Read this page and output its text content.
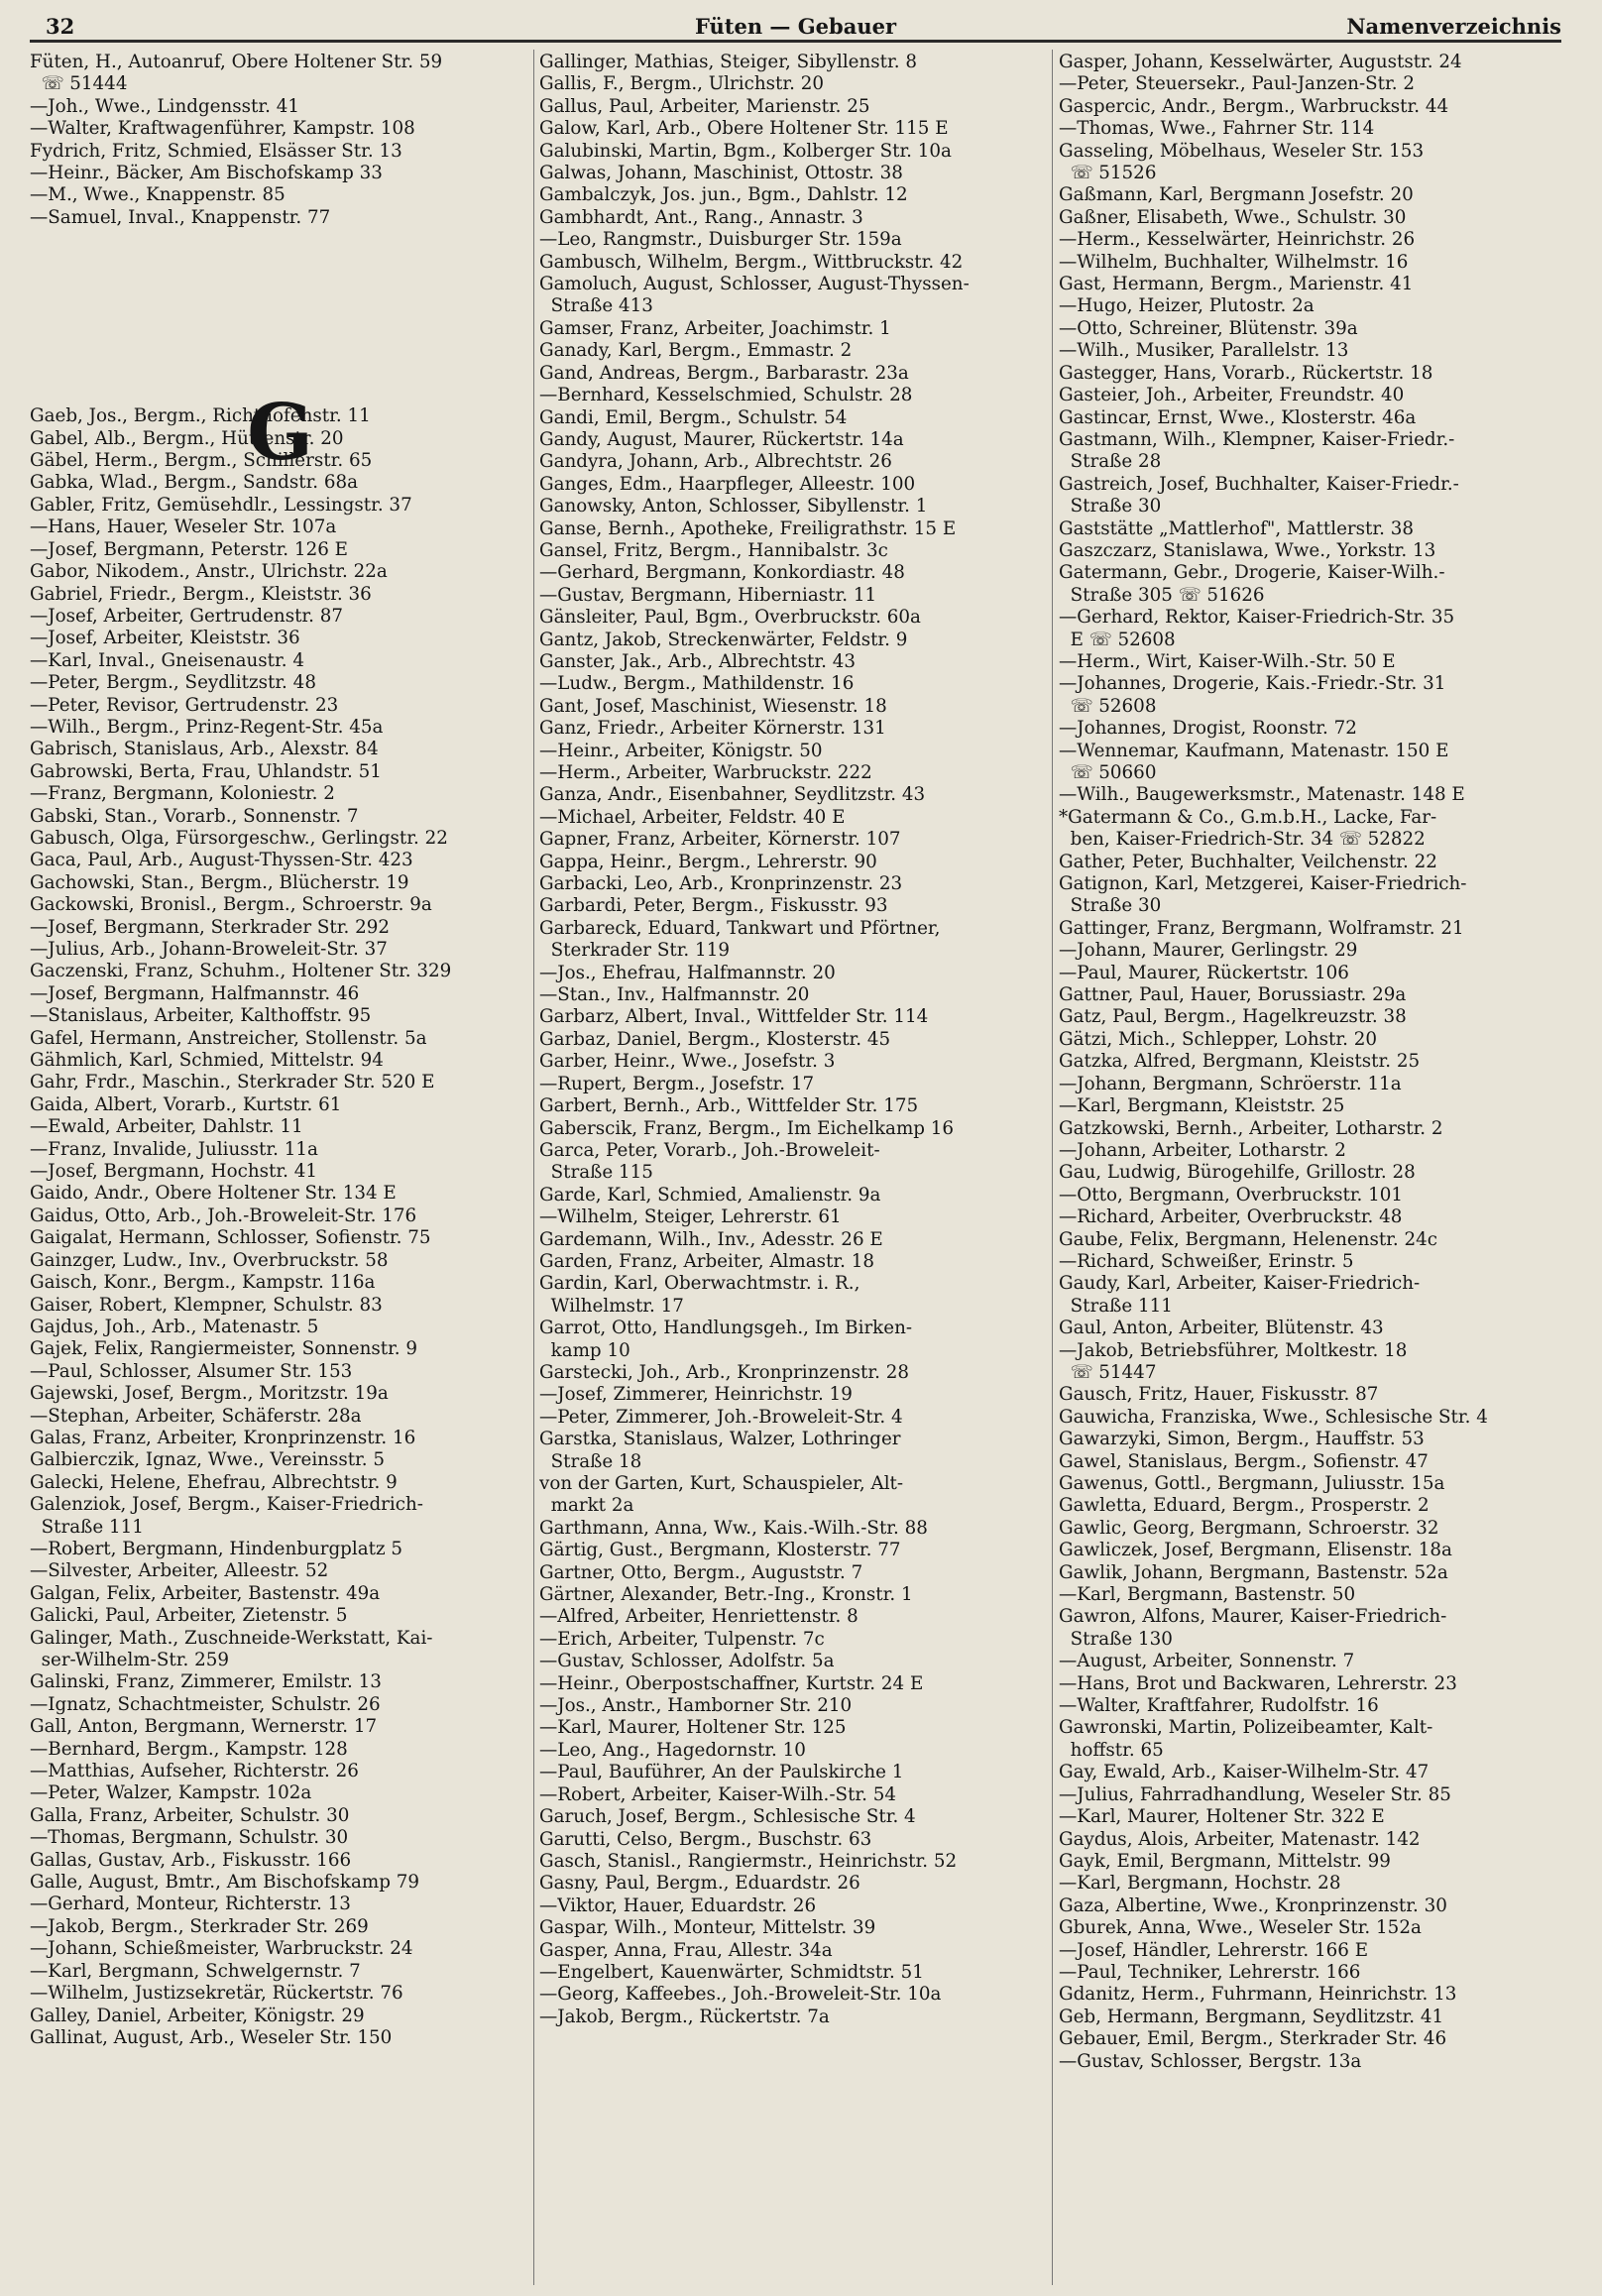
32	Füten — Gebauer	Namenverzeichnis
Füten, H., Autoanruf, Obere Holtener Str. 59
☏ 51444
—Joh., Wwe., Lindgensstr. 41
—Walter, Kraftwagenführer, Kampstr. 108
Fydrich, Fritz, Schmied, Elsässer Str. 13
—Heinr., Bäcker, Am Bischofskamp 33
—M., Wwe., Knappenstr. 85
—Samuel, Inval., Knappenstr. 77
G
Gaeb, Jos., Bergm., Richthofenstr. 11
Gabel, Alb., Bergm., Hüttenstr. 20
Gäbel, Herm., Bergm., Schillerstr. 65
Gabka, Wlad., Bergm., Sandstr. 68a
Gabler, Fritz, Gemüsehdlr., Lessingstr. 37
—Hans, Hauer, Weseler Str. 107a
—Josef, Bergmann, Peterstr. 126 E
Gabor, Nikodem., Anstr., Ulrichstr. 22a
Gabriel, Friedr., Bergm., Kleiststr. 36
—Josef, Arbeiter, Gertrudenstr. 87
—Josef, Arbeiter, Kleiststr. 36
—Karl, Inval., Gneisenaustr. 4
—Peter, Bergm., Seydlitzstr. 48
—Peter, Revisor, Gertrudenstr. 23
—Wilh., Bergm., Prinz-Regent-Str. 45a
Gabrisch, Stanislaus, Arb., Alexstr. 84
Gabrowski, Berta, Frau, Uhlandstr. 51
—Franz, Bergmann, Koloniestr. 2
Gabski, Stan., Vorarb., Sonnenstr. 7
Gabusch, Olga, Fürsorgeschw., Gerlingstr. 22
Gaca, Paul, Arb., August-Thyssen-Str. 423
Gachowski, Stan., Bergm., Blücherstr. 19
Gackowski, Bronisl., Bergm., Schroerstr. 9a
—Josef, Bergmann, Sterkrader Str. 292
—Julius, Arb., Johann-Broweleit-Str. 37
Gaczenski, Franz, Schuhm., Holtener Str. 329
—Josef, Bergmann, Halfmannstr. 46
—Stanislaus, Arbeiter, Kalthoffstr. 95
Gafel, Hermann, Anstreicher, Stollenstr. 5a
Gähmlich, Karl, Schmied, Mittelstr. 94
Gahr, Frdr., Maschin., Sterkrader Str. 520 E
Gaida, Albert, Vorarb., Kurtstr. 61
—Ewald, Arbeiter, Dahlstr. 11
—Franz, Invalide, Juliusstr. 11a
—Josef, Bergmann, Hochstr. 41
Gaido, Andr., Obere Holtener Str. 134 E
Gaidus, Otto, Arb., Joh.-Broweleit-Str. 176
Gaigalat, Hermann, Schlosser, Sofienstr. 75
Gainzger, Ludw., Inv., Overbruckstr. 58
Gaisch, Konr., Bergm., Kampstr. 116a
Gaiser, Robert, Klempner, Schulstr. 83
Gajdus, Joh., Arb., Matenastr. 5
Gajek, Felix, Rangiermeister, Sonnenstr. 9
—Paul, Schlosser, Alsumer Str. 153
Gajewski, Josef, Bergm., Moritzstr. 19a
—Stephan, Arbeiter, Schäferstr. 28a
Galas, Franz, Arbeiter, Kronprinzenstr. 16
Galbierczik, Ignaz, Wwe., Vereinsstr. 5
Galecki, Helene, Ehefrau, Albrechtstr. 9
Galenziok, Josef, Bergm., Kaiser-Friedrich-
Straße 111
—Robert, Bergmann, Hindenburgplatz 5
—Silvester, Arbeiter, Alleestr. 52
Galgan, Felix, Arbeiter, Bastenstr. 49a
Galicki, Paul, Arbeiter, Zietenstr. 5
Galinger, Math., Zuschneide-Werkstatt, Kai-
ser-Wilhelm-Str. 259
Galinski, Franz, Zimmerer, Emilstr. 13
—Ignatz, Schachtmeister, Schulstr. 26
Gall, Anton, Bergmann, Wernerstr. 17
—Bernhard, Bergm., Kampstr. 128
—Matthias, Aufseher, Richterstr. 26
—Peter, Walzer, Kampstr. 102a
Galla, Franz, Arbeiter, Schulstr. 30
—Thomas, Bergmann, Schulstr. 30
Gallas, Gustav, Arb., Fiskusstr. 166
Galle, August, Bmtr., Am Bischofskamp 79
—Gerhard, Monteur, Richterstr. 13
—Jakob, Bergm., Sterkrader Str. 269
—Johann, Schießmeister, Warbruckstr. 24
—Karl, Bergmann, Schwelgernstr. 7
—Wilhelm, Justizsekretär, Rückertstr. 76
Galley, Daniel, Arbeiter, Königstr. 29
Gallinat, August, Arb., Weseler Str. 150
Gallinger, Mathias, Steiger, Sibyllenstr. 8
Gallis, F., Bergm., Ulrichstr. 20
Gallus, Paul, Arbeiter, Marienstr. 25
Galow, Karl, Arb., Obere Holtener Str. 115 E
Galubinski, Martin, Bgm., Kolberger Str. 10a
Galwas, Johann, Maschinist, Ottostr. 38
Gambalczyk, Jos. jun., Bgm., Dahlstr. 12
Gambhardt, Ant., Rang., Annastr. 3
—Leo, Rangmstr., Duisburger Str. 159a
Gambusch, Wilhelm, Bergm., Wittbruckstr. 42
Gamoluch, August, Schlosser, August-Thyssen-
Straße 413
Gamser, Franz, Arbeiter, Joachimstr. 1
Ganady, Karl, Bergm., Emmastr. 2
Gand, Andreas, Bergm., Barbarastr. 23a
—Bernhard, Kesselschmied, Schulstr. 28
Gandi, Emil, Bergm., Schulstr. 54
Gandy, August, Maurer, Rückertstr. 14a
Gandyra, Johann, Arb., Albrechtstr. 26
Ganges, Edm., Haarpfleger, Alleestr. 100
Ganowsky, Anton, Schlosser, Sibyllenstr. 1
Ganse, Bernh., Apotheke, Freiligrathstr. 15 E
Gansel, Fritz, Bergm., Hannibalstr. 3c
—Gerhard, Bergmann, Konkordiastr. 48
—Gustav, Bergmann, Hiberniastr. 11
Gänsleiter, Paul, Bgm., Overbruckstr. 60a
Gantz, Jakob, Streckenwärter, Feldstr. 9
Ganster, Jak., Arb., Albrechtstr. 43
—Ludw., Bergm., Mathildenstr. 16
Gant, Josef, Maschinist, Wiesenstr. 18
Ganz, Friedr., Arbeiter Körnerstr. 131
—Heinr., Arbeiter, Königstr. 50
—Herm., Arbeiter, Warbruckstr. 222
Ganza, Andr., Eisenbahner, Seydlitzstr. 43
—Michael, Arbeiter, Feldstr. 40 E
Gapner, Franz, Arbeiter, Körnerstr. 107
Gappa, Heinr., Bergm., Lehrerstr. 90
Garbacki, Leo, Arb., Kronprinzenstr. 23
Garbardi, Peter, Bergm., Fiskusstr. 93
Garbareck, Eduard, Tankwart und Pförtner,
Sterkrader Str. 119
—Jos., Ehefrau, Halfmannstr. 20
—Stan., Inv., Halfmannstr. 20
Garbarz, Albert, Inval., Wittfelder Str. 114
Garbaz, Daniel, Bergm., Klosterstr. 45
Garber, Heinr., Wwe., Josefstr. 3
—Rupert, Bergm., Josefstr. 17
Garbert, Bernh., Arb., Wittfelder Str. 175
Gaberscik, Franz, Bergm., Im Eichelkamp 16
Garca, Peter, Vorarb., Joh.-Broweleit-
Straße 115
Garde, Karl, Schmied, Amalienstr. 9a
—Wilhelm, Steiger, Lehrerstr. 61
Gardemann, Wilh., Inv., Adesstr. 26 E
Garden, Franz, Arbeiter, Almastr. 18
Gardin, Karl, Oberwachtmstr. i. R.,
Wilhelmstr. 17
Garrot, Otto, Handlungsgeh., Im Birken-
kamp 10
Garstecki, Joh., Arb., Kronprinzenstr. 28
—Josef, Zimmerer, Heinrichstr. 19
—Peter, Zimmerer, Joh.-Broweleit-Str. 4
Garstka, Stanislaus, Walzer, Lothringer
Straße 18
von der Garten, Kurt, Schauspieler, Alt-
markt 2a
Garthmann, Anna, Ww., Kais.-Wilh.-Str. 88
Gärtig, Gust., Bergmann, Klosterstr. 77
Gartner, Otto, Bergm., Auguststr. 7
Gärtner, Alexander, Betr.-Ing., Kronstr. 1
—Alfred, Arbeiter, Henriettenstr. 8
—Erich, Arbeiter, Tulpenstr. 7c
—Gustav, Schlosser, Adolfstr. 5a
—Heinr., Oberpostschaffner, Kurtstr. 24 E
—Jos., Anstr., Hamborner Str. 210
—Karl, Maurer, Holtener Str. 125
—Leo, Ang., Hagedornstr. 10
—Paul, Bauführer, An der Paulskirche 1
—Robert, Arbeiter, Kaiser-Wilh.-Str. 54
Garuch, Josef, Bergm., Schlesische Str. 4
Garutti, Celso, Bergm., Buschstr. 63
Gasch, Stanisl., Rangiermstr., Heinrichstr. 52
Gasny, Paul, Bergm., Eduardstr. 26
—Viktor, Hauer, Eduardstr. 26
Gaspar, Wilh., Monteur, Mittelstr. 39
Gasper, Anna, Frau, Allestr. 34a
—Engelbert, Kauenwärter, Schmidtstr. 51
—Georg, Kaffeebes., Joh.-Broweleit-Str. 10a
—Jakob, Bergm., Rückertstr. 7a
Gasper, Johann, Kesselwärter, Auguststr. 24
—Peter, Steuersekr., Paul-Janzen-Str. 2
Gaspercic, Andr., Bergm., Warbruckstr. 44
—Thomas, Wwe., Fahrner Str. 114
Gasseling, Möbelhaus, Weseler Str. 153
☏ 51526
Gaßmann, Karl, Bergmann Josefstr. 20
Gaßner, Elisabeth, Wwe., Schulstr. 30
—Herm., Kesselwärter, Heinrichstr. 26
—Wilhelm, Buchhalter, Wilhelmstr. 16
Gast, Hermann, Bergm., Marienstr. 41
—Hugo, Heizer, Plutostr. 2a
—Otto, Schreiner, Blütenstr. 39a
—Wilh., Musiker, Parallelstr. 13
Gastegger, Hans, Vorarb., Rückertstr. 18
Gasteier, Joh., Arbeiter, Freundstr. 40
Gastincar, Ernst, Wwe., Klosterstr. 46a
Gastmann, Wilh., Klempner, Kaiser-Friedr.-
Straße 28
Gastreich, Josef, Buchhalter, Kaiser-Friedr.-
Straße 30
Gaststätte „Mattlerhof", Mattlerstr. 38
Gaszczarz, Stanislawa, Wwe., Yorkstr. 13
Gatermann, Gebr., Drogerie, Kaiser-Wilh.-
Straße 305 ☏ 51626
—Gerhard, Rektor, Kaiser-Friedrich-Str. 35
E ☏ 52608
—Herm., Wirt, Kaiser-Wilh.-Str. 50 E
—Johannes, Drogerie, Kais.-Friedr.-Str. 31
☏ 52608
—Johannes, Drogist, Roonstr. 72
—Wennemar, Kaufmann, Matenastr. 150 E
☏ 50660
—Wilh., Baugewerksmstr., Matenastr. 148 E
*Gatermann & Co., G.m.b.H., Lacke, Far-
ben, Kaiser-Friedrich-Str. 34 ☏ 52822
Gather, Peter, Buchhalter, Veilchenstr. 22
Gatignon, Karl, Metzgerei, Kaiser-Friedrich-
Straße 30
Gattinger, Franz, Bergmann, Wolframstr. 21
—Johann, Maurer, Gerlingstr. 29
—Paul, Maurer, Rückertstr. 106
Gattner, Paul, Hauer, Borussiastr. 29a
Gatz, Paul, Bergm., Hagelkreuzstr. 38
Gätzi, Mich., Schlepper, Lohstr. 20
Gatzka, Alfred, Bergmann, Kleiststr. 25
—Johann, Bergmann, Schröerstr. 11a
—Karl, Bergmann, Kleiststr. 25
Gatzkowski, Bernh., Arbeiter, Lotharstr. 2
—Johann, Arbeiter, Lotharstr. 2
Gau, Ludwig, Bürogehilfe, Grillostr. 28
—Otto, Bergmann, Overbruckstr. 101
—Richard, Arbeiter, Overbruckstr. 48
Gaube, Felix, Bergmann, Helenenstr. 24c
—Richard, Schweißer, Erinstr. 5
Gaudy, Karl, Arbeiter, Kaiser-Friedrich-
Straße 111
Gaul, Anton, Arbeiter, Blütenstr. 43
—Jakob, Betriebsführer, Moltkestr. 18
☏ 51447
Gausch, Fritz, Hauer, Fiskusstr. 87
Gauwicha, Franziska, Wwe., Schlesische Str. 4
Gawarzyki, Simon, Bergm., Hauffstr. 53
Gawel, Stanislaus, Bergm., Sofienstr. 47
Gawenus, Gottl., Bergmann, Juliusstr. 15a
Gawletta, Eduard, Bergm., Prosperstr. 2
Gawlic, Georg, Bergmann, Schroerstr. 32
Gawliczek, Josef, Bergmann, Elisenstr. 18a
Gawlik, Johann, Bergmann, Bastenstr. 52a
—Karl, Bergmann, Bastenstr. 50
Gawron, Alfons, Maurer, Kaiser-Friedrich-
Straße 130
—August, Arbeiter, Sonnenstr. 7
—Hans, Brot und Backwaren, Lehrerstr. 23
—Walter, Kraftfahrer, Rudolfstr. 16
Gawronski, Martin, Polizeibeamter, Kalt-
hoffstr. 65
Gay, Ewald, Arb., Kaiser-Wilhelm-Str. 47
—Julius, Fahrradhandlung, Weseler Str. 85
—Karl, Maurer, Holtener Str. 322 E
Gaydus, Alois, Arbeiter, Matenastr. 142
Gayk, Emil, Bergmann, Mittelstr. 99
—Karl, Bergmann, Hochstr. 28
Gaza, Albertine, Wwe., Kronprinzenstr. 30
Gburek, Anna, Wwe., Weseler Str. 152a
—Josef, Händler, Lehrerstr. 166 E
—Paul, Techniker, Lehrerstr. 166
Gdanitz, Herm., Fuhrmann, Heinrichstr. 13
Geb, Hermann, Bergmann, Seydlitzstr. 41
Gebauer, Emil, Bergm., Sterkrader Str. 46
—Gustav, Schlosser, Bergstr. 13a
